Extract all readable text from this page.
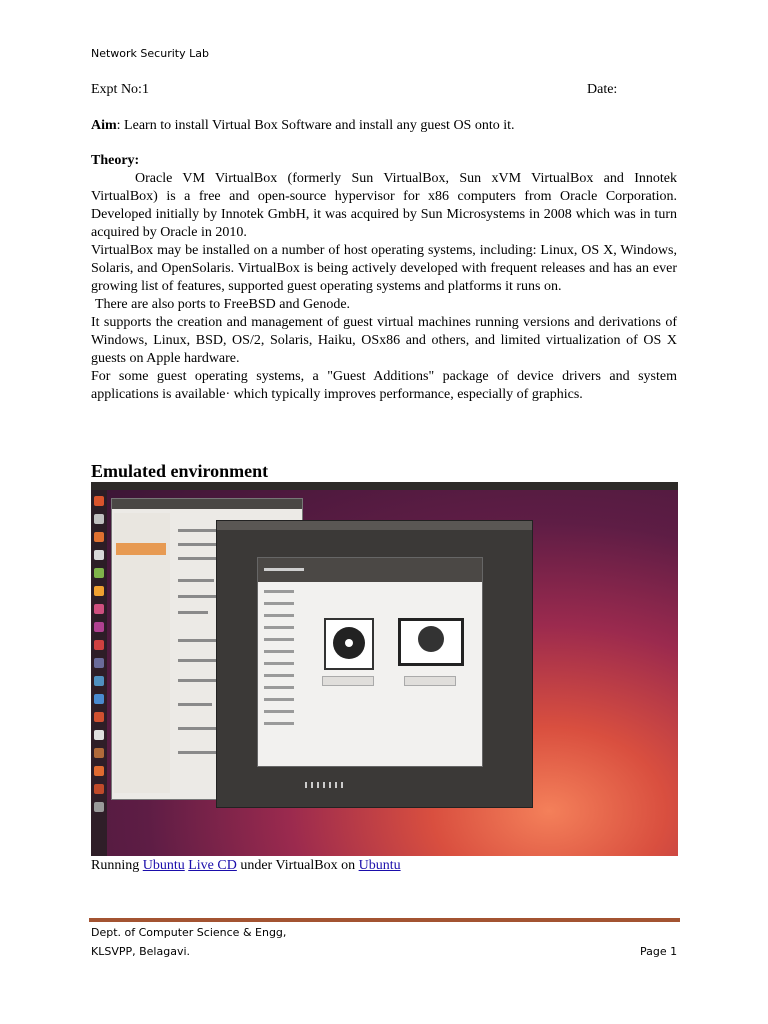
Network Security Lab
Expt No:1	Date:
Aim: Learn to install Virtual Box Software and install any guest OS onto it.
Theory:

Oracle VM VirtualBox (formerly Sun VirtualBox, Sun xVM VirtualBox and Innotek VirtualBox) is a free and open-source hypervisor for x86 computers from Oracle Corporation. Developed initially by Innotek GmbH, it was acquired by Sun Microsystems in 2008 which was in turn acquired by Oracle in 2010.

VirtualBox may be installed on a number of host operating systems, including: Linux, OS X, Windows, Solaris, and OpenSolaris. VirtualBox is being actively developed with frequent releases and has an ever growing list of features, supported guest operating systems and platforms it runs on.

There are also ports to FreeBSD and Genode.

It supports the creation and management of guest virtual machines running versions and derivations of Windows, Linux, BSD, OS/2, Solaris, Haiku, OSx86 and others, and limited virtualization of OS X guests on Apple hardware.

For some guest operating systems, a "Guest Additions" package of device drivers and system applications is available· which typically improves performance, especially of graphics.

Emulated environment
Running Ubuntu Live CD under VirtualBox on Ubuntu
Dept. of Computer Science & Engg,
KLSVPP, Belagavi.	Page 1
